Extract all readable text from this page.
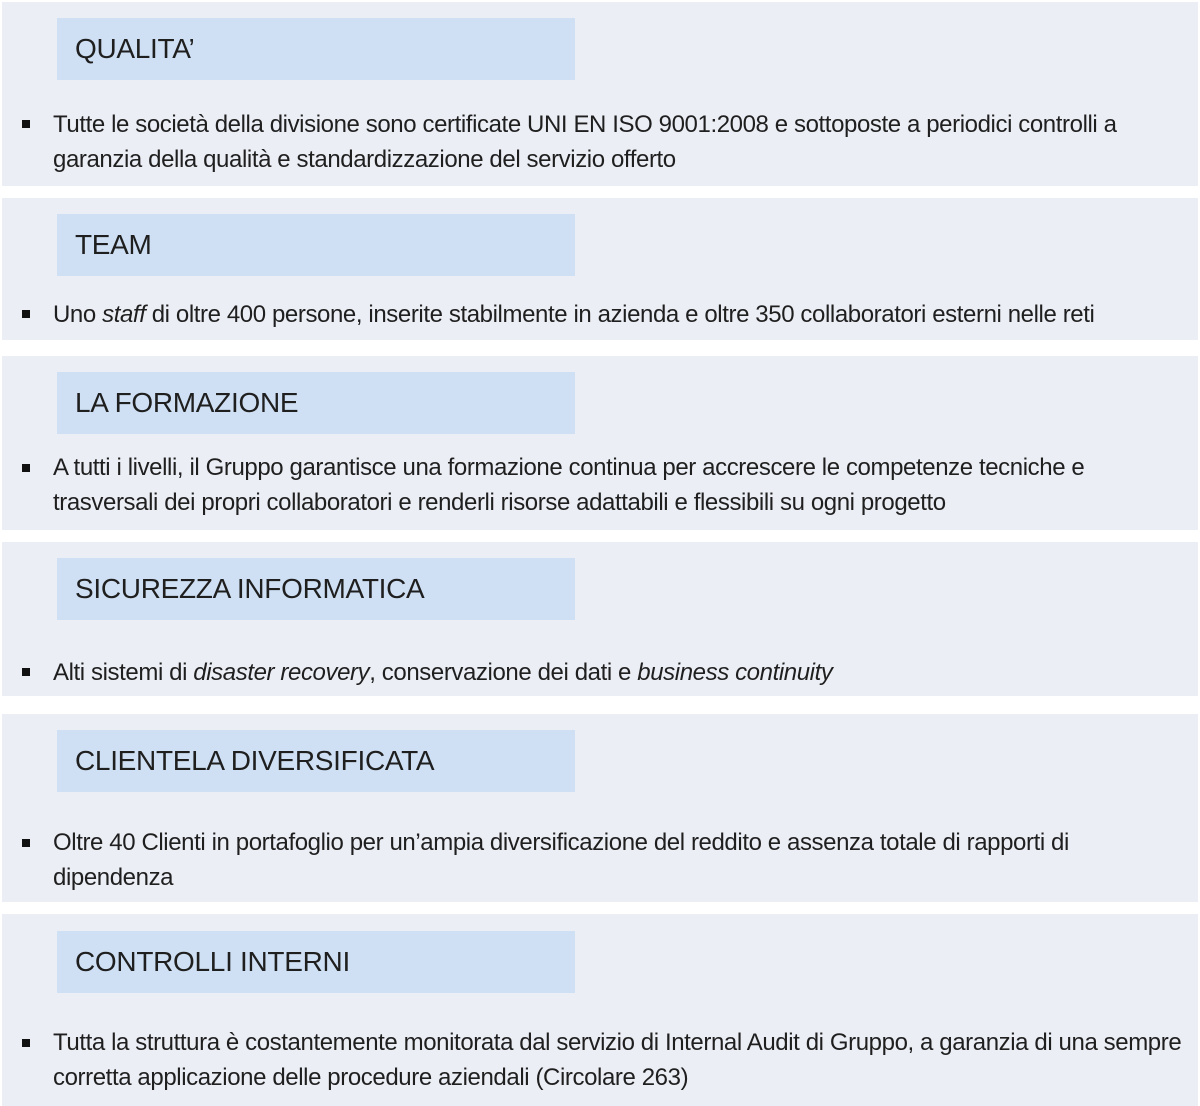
QUALITA’
Tutte le società della divisione sono certificate UNI EN ISO 9001:2008 e sottoposte a periodici controlli a garanzia della qualità e standardizzazione del servizio offerto
TEAM
Uno staff di oltre 400 persone, inserite stabilmente in azienda e oltre 350 collaboratori esterni nelle reti
LA FORMAZIONE
A tutti i livelli, il Gruppo garantisce una formazione continua per accrescere le competenze tecniche e trasversali dei propri collaboratori e renderli risorse adattabili e flessibili su ogni progetto
SICUREZZA INFORMATICA
Alti sistemi di disaster recovery, conservazione dei dati e business continuity
CLIENTELA DIVERSIFICATA
Oltre 40 Clienti in portafoglio per un’ampia diversificazione del reddito e assenza totale di rapporti di dipendenza
CONTROLLI INTERNI
Tutta la struttura è costantemente monitorata dal servizio di Internal Audit di Gruppo, a garanzia di una sempre corretta applicazione delle procedure aziendali (Circolare 263)
